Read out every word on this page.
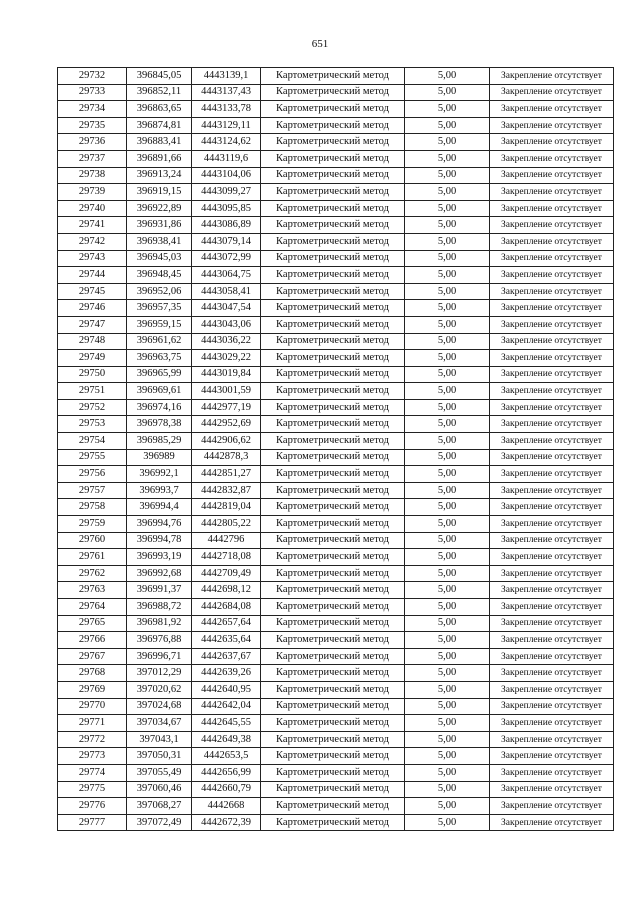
651
29732	396845,05	4443139,1	Картометрический метод	5,00	Закрепление отсутствует
29733	396852,11	4443137,43	Картометрический метод	5,00	Закрепление отсутствует
29734	396863,65	4443133,78	Картометрический метод	5,00	Закрепление отсутствует
29735	396874,81	4443129,11	Картометрический метод	5,00	Закрепление отсутствует
29736	396883,41	4443124,62	Картометрический метод	5,00	Закрепление отсутствует
29737	396891,66	4443119,6	Картометрический метод	5,00	Закрепление отсутствует
29738	396913,24	4443104,06	Картометрический метод	5,00	Закрепление отсутствует
29739	396919,15	4443099,27	Картометрический метод	5,00	Закрепление отсутствует
29740	396922,89	4443095,85	Картометрический метод	5,00	Закрепление отсутствует
29741	396931,86	4443086,89	Картометрический метод	5,00	Закрепление отсутствует
29742	396938,41	4443079,14	Картометрический метод	5,00	Закрепление отсутствует
29743	396945,03	4443072,99	Картометрический метод	5,00	Закрепление отсутствует
29744	396948,45	4443064,75	Картометрический метод	5,00	Закрепление отсутствует
29745	396952,06	4443058,41	Картометрический метод	5,00	Закрепление отсутствует
29746	396957,35	4443047,54	Картометрический метод	5,00	Закрепление отсутствует
29747	396959,15	4443043,06	Картометрический метод	5,00	Закрепление отсутствует
29748	396961,62	4443036,22	Картометрический метод	5,00	Закрепление отсутствует
29749	396963,75	4443029,22	Картометрический метод	5,00	Закрепление отсутствует
29750	396965,99	4443019,84	Картометрический метод	5,00	Закрепление отсутствует
29751	396969,61	4443001,59	Картометрический метод	5,00	Закрепление отсутствует
29752	396974,16	4442977,19	Картометрический метод	5,00	Закрепление отсутствует
29753	396978,38	4442952,69	Картометрический метод	5,00	Закрепление отсутствует
29754	396985,29	4442906,62	Картометрический метод	5,00	Закрепление отсутствует
29755	396989	4442878,3	Картометрический метод	5,00	Закрепление отсутствует
29756	396992,1	4442851,27	Картометрический метод	5,00	Закрепление отсутствует
29757	396993,7	4442832,87	Картометрический метод	5,00	Закрепление отсутствует
29758	396994,4	4442819,04	Картометрический метод	5,00	Закрепление отсутствует
29759	396994,76	4442805,22	Картометрический метод	5,00	Закрепление отсутствует
29760	396994,78	4442796	Картометрический метод	5,00	Закрепление отсутствует
29761	396993,19	4442718,08	Картометрический метод	5,00	Закрепление отсутствует
29762	396992,68	4442709,49	Картометрический метод	5,00	Закрепление отсутствует
29763	396991,37	4442698,12	Картометрический метод	5,00	Закрепление отсутствует
29764	396988,72	4442684,08	Картометрический метод	5,00	Закрепление отсутствует
29765	396981,92	4442657,64	Картометрический метод	5,00	Закрепление отсутствует
29766	396976,88	4442635,64	Картометрический метод	5,00	Закрепление отсутствует
29767	396996,71	4442637,67	Картометрический метод	5,00	Закрепление отсутствует
29768	397012,29	4442639,26	Картометрический метод	5,00	Закрепление отсутствует
29769	397020,62	4442640,95	Картометрический метод	5,00	Закрепление отсутствует
29770	397024,68	4442642,04	Картометрический метод	5,00	Закрепление отсутствует
29771	397034,67	4442645,55	Картометрический метод	5,00	Закрепление отсутствует
29772	397043,1	4442649,38	Картометрический метод	5,00	Закрепление отсутствует
29773	397050,31	4442653,5	Картометрический метод	5,00	Закрепление отсутствует
29774	397055,49	4442656,99	Картометрический метод	5,00	Закрепление отсутствует
29775	397060,46	4442660,79	Картометрический метод	5,00	Закрепление отсутствует
29776	397068,27	4442668	Картометрический метод	5,00	Закрепление отсутствует
29777	397072,49	4442672,39	Картометрический метод	5,00	Закрепление отсутствует
